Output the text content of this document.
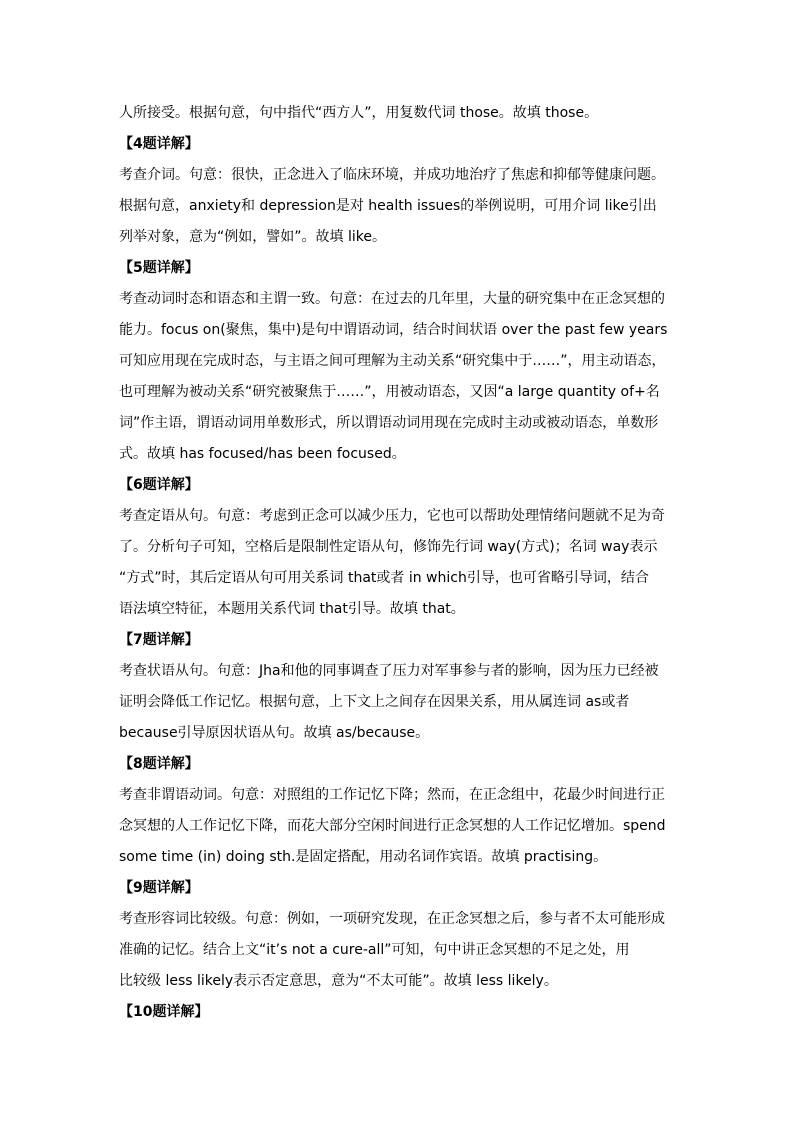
人所接受。根据句意，句中指代“西方人”，用复数代词 those。故填 those。
【4题详解】
考查介词。句意：很快，正念进入了临床环境，并成功地治疗了焦虑和抑郁等健康问题。
根据句意，anxiety和 depression是对 health issues的举例说明，可用介词 like引出
列举对象，意为“例如，譬如”。故填 like。
【5题详解】
考查动词时态和语态和主谓一致。句意：在过去的几年里，大量的研究集中在正念冥想的
能力。focus on(聚焦，集中)是句中谓语动词，结合时间状语 over the past few years
可知应用现在完成时态，与主语之间可理解为主动关系“研究集中于……”，用主动语态，
也可理解为被动关系“研究被聚焦于……”，用被动语态，又因“a large quantity of+名
词”作主语，谓语动词用单数形式，所以谓语动词用现在完成时主动或被动语态，单数形
式。故填 has focused/has been focused。
【6题详解】
考查定语从句。句意：考虑到正念可以减少压力，它也可以帮助处理情绪问题就不足为奇
了。分析句子可知，空格后是限制性定语从句，修饰先行词 way(方式)；名词 way表示
“方式”时，其后定语从句可用关系词 that或者 in which引导，也可省略引导词，结合
语法填空特征，本题用关系代词 that引导。故填 that。
【7题详解】
考查状语从句。句意：Jha和他的同事调查了压力对军事参与者的影响，因为压力已经被
证明会降低工作记忆。根据句意，上下文上之间存在因果关系，用从属连词 as或者
because引导原因状语从句。故填 as/because。
【8题详解】
考查非谓语动词。句意：对照组的工作记忆下降；然而，在正念组中，花最少时间进行正
念冥想的人工作记忆下降，而花大部分空闲时间进行正念冥想的人工作记忆增加。spend
some time (in) doing sth.是固定搭配，用动名词作宾语。故填 practising。
【9题详解】
考查形容词比较级。句意：例如，一项研究发现，在正念冥想之后，参与者不太可能形成
准确的记忆。结合上文“it’s not a cure-all”可知，句中讲正念冥想的不足之处，用
比较级 less likely表示否定意思，意为“不太可能”。故填 less likely。
【10题详解】
